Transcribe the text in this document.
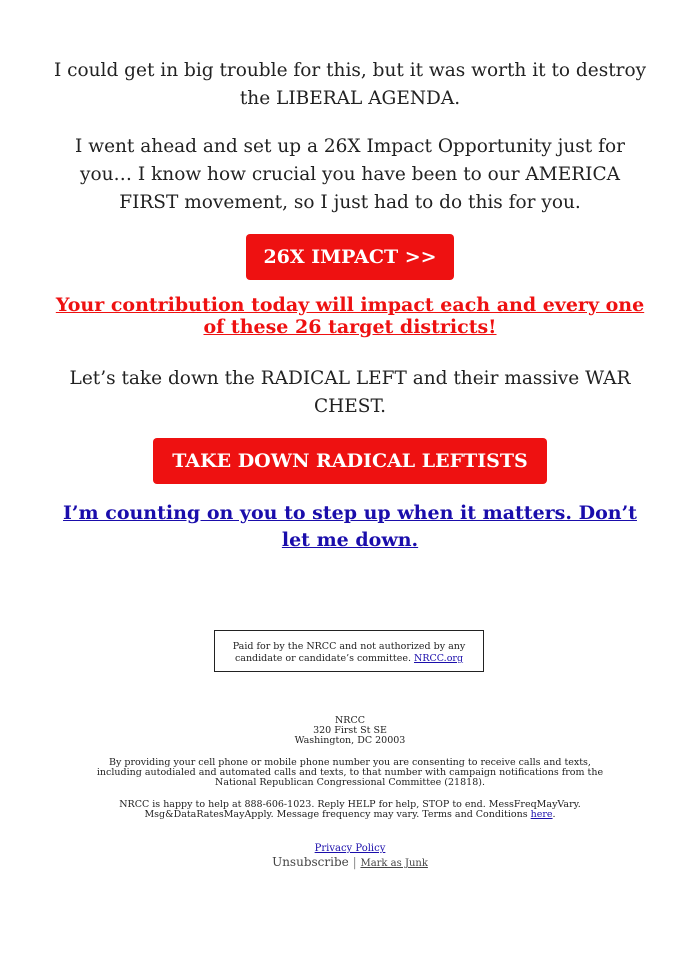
I could get in big trouble for this, but it was worth it to destroy the LIBERAL AGENDA.

I went ahead and set up a 26X Impact Opportunity just for you… I know how crucial you have been to our AMERICA FIRST movement, so I just had to do this for you.

26X IMPACT >>
Your contribution today will impact each and every one of these 26 target districts!

Let’s take down the RADICAL LEFT and their massive WAR CHEST.

TAKE DOWN RADICAL LEFTISTS
I’m counting on you to step up when it matters. Don’t let me down.
Paid for by the NRCC and not authorized by any candidate or candidate’s committee. NRCC.org

NRCC

320 First St SE

Washington, DC 20003

By providing your cell phone or mobile phone number you are consenting to receive calls and texts, including autodialed and automated calls and texts, to that number with campaign notifications from the National Republican Congressional Committee (21818).

NRCC is happy to help at 888-606-1023. Reply HELP for help, STOP to end. MessFreqMayVary. Msg&DataRatesMayApply. Message frequency may vary. Terms and Conditions here.

Privacy Policy

Unsubscribe | Mark as Junk
